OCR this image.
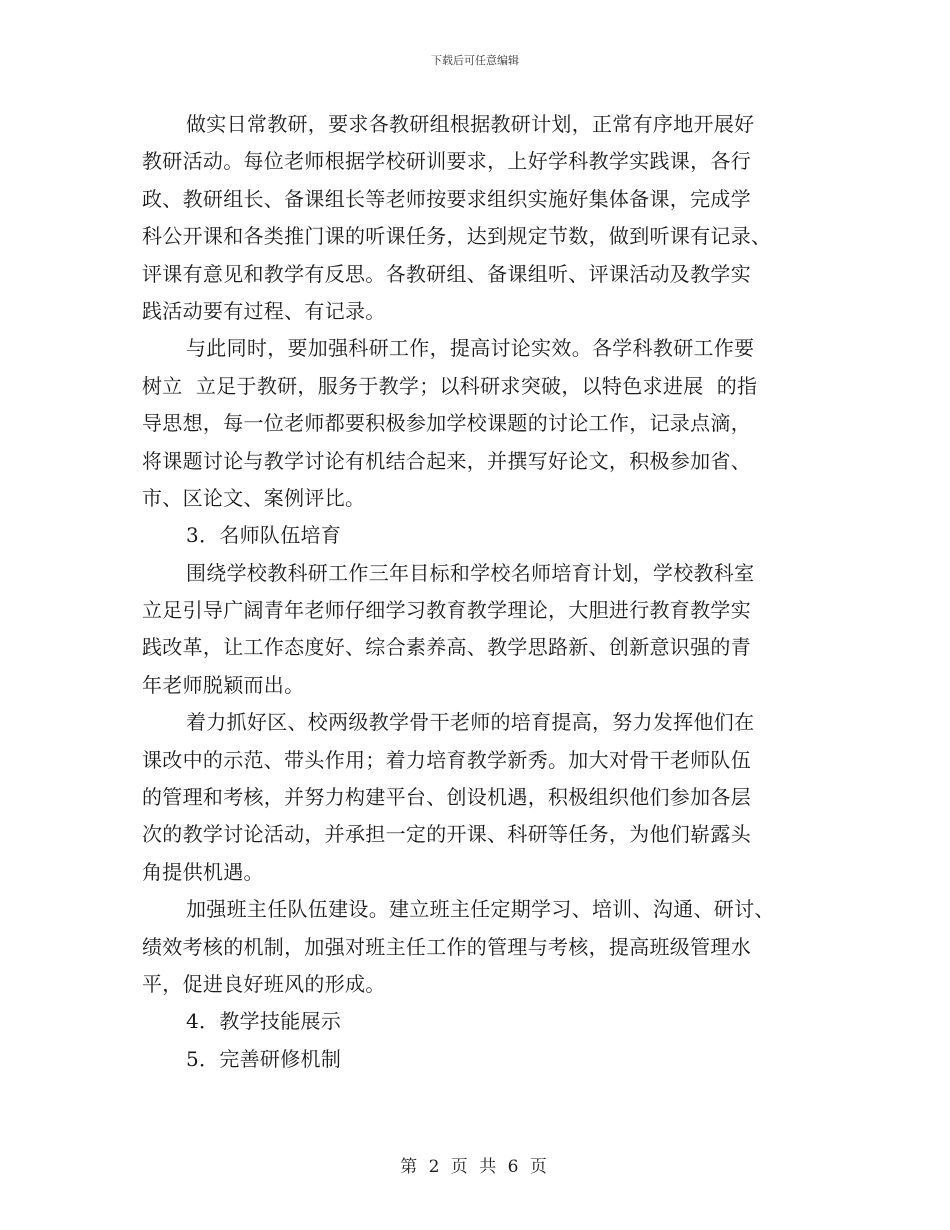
下载后可任意编辑
做实日常教研，要求各教研组根据教研计划，正常有序地开展好
教研活动。每位老师根据学校研训要求，上好学科教学实践课，各行
政、教研组长、备课组长等老师按要求组织实施好集体备课，完成学
科公开课和各类推门课的听课任务，达到规定节数，做到听课有记录、
评课有意见和教学有反思。各教研组、备课组听、评课活动及教学实
践活动要有过程、有记录。
与此同时，要加强科研工作，提高讨论实效。各学科教研工作要
树立  立足于教研，服务于教学；以科研求突破，以特色求进展  的指
导思想，每一位老师都要积极参加学校课题的讨论工作，记录点滴，
将课题讨论与教学讨论有机结合起来，并撰写好论文，积极参加省、
市、区论文、案例评比。
3．名师队伍培育
围绕学校教科研工作三年目标和学校名师培育计划，学校教科室
立足引导广阔青年老师仔细学习教育教学理论，大胆进行教育教学实
践改革，让工作态度好、综合素养高、教学思路新、创新意识强的青
年老师脱颖而出。
着力抓好区、校两级教学骨干老师的培育提高，努力发挥他们在
课改中的示范、带头作用；着力培育教学新秀。加大对骨干老师队伍
的管理和考核，并努力构建平台、创设机遇，积极组织他们参加各层
次的教学讨论活动，并承担一定的开课、科研等任务，为他们崭露头
角提供机遇。
加强班主任队伍建设。建立班主任定期学习、培训、沟通、研讨、
绩效考核的机制，加强对班主任工作的管理与考核，提高班级管理水
平，促进良好班风的形成。
4．教学技能展示
5．完善研修机制
第 2 页 共 6 页
